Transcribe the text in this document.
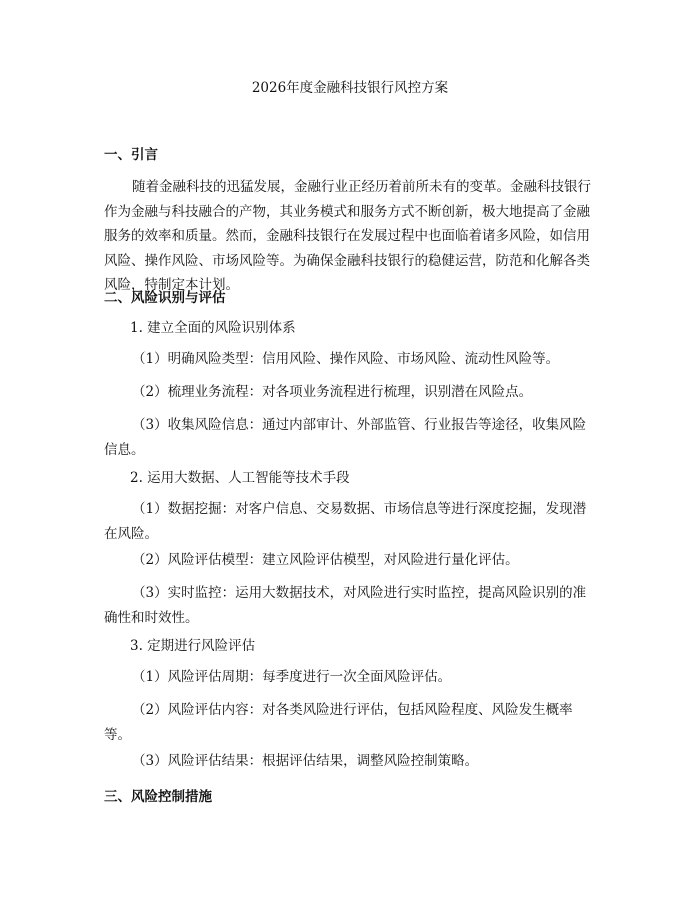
2026年度金融科技银行风控方案
一、引言
随着金融科技的迅猛发展，金融行业正经历着前所未有的变革。金融科技银行
作为金融与科技融合的产物，其业务模式和服务方式不断创新，极大地提高了金融
服务的效率和质量。然而，金融科技银行在发展过程中也面临着诸多风险，如信用
风险、操作风险、市场风险等。为确保金融科技银行的稳健运营，防范和化解各类
风险，特制定本计划。
二、风险识别与评估
1. 建立全面的风险识别体系
（1）明确风险类型：信用风险、操作风险、市场风险、流动性风险等。
（2）梳理业务流程：对各项业务流程进行梳理，识别潜在风险点。
（3）收集风险信息：通过内部审计、外部监管、行业报告等途径，收集风险
信息。
2. 运用大数据、人工智能等技术手段
（1）数据挖掘：对客户信息、交易数据、市场信息等进行深度挖掘，发现潜
在风险。
（2）风险评估模型：建立风险评估模型，对风险进行量化评估。
（3）实时监控：运用大数据技术，对风险进行实时监控，提高风险识别的准
确性和时效性。
3. 定期进行风险评估
（1）风险评估周期：每季度进行一次全面风险评估。
（2）风险评估内容：对各类风险进行评估，包括风险程度、风险发生概率
等。
（3）风险评估结果：根据评估结果，调整风险控制策略。
三、风险控制措施
